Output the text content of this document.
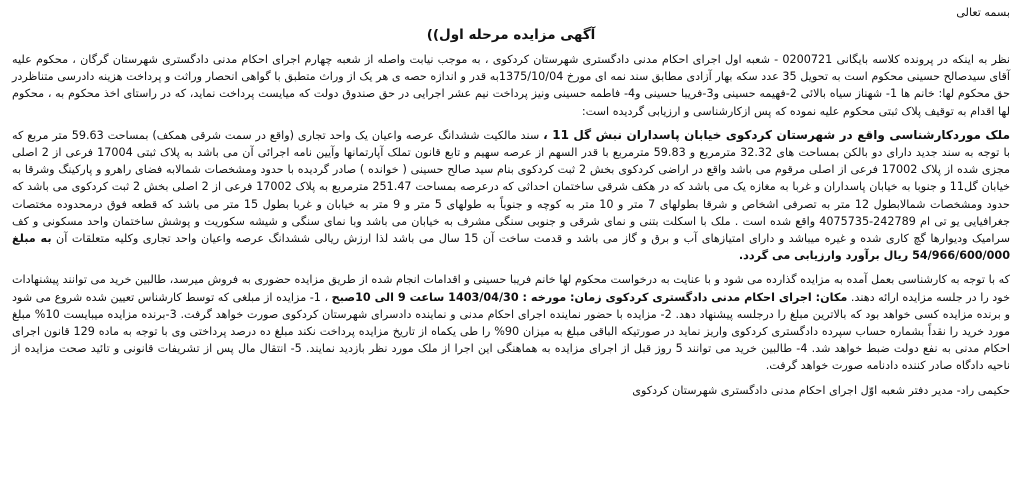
بسمه تعالی
آگهی مزایده مرحله اول))

نظر به اینکه در پرونده کلاسه بایگانی 0200721 - شعبه اول اجرای احکام مدنی دادگستری شهرستان کردکوی ، به موجب نیابت واصله از شعبه چهارم اجرای احکام مدنی دادگستری شهرستان گرگان ، محکوم علیه آقای سیدصالح حسینی محکوم است به تحویل 35 عدد سکه بهار آزادی مطابق سند نمه ای مورخ 1375/10/04به قدر و اندازه حصه ی هر یک از وراث متطبق با گواهی انحصار وراثت و پرداخت هزینه دادرسی متناظردر حق محکوم لها: خانم ها 1- شهناز سیاه بالائی 2-فهیمه حسینی و3-فریبا حسینی و4- فاطمه حسینی ونیز پرداخت نیم عشر اجرایی در حق صندوق دولت که میایست پرداخت نماید، که در راستای اخذ محکوم به ، محکوم لها اقدام به توقیف پلاک ثبتی محکوم علیه نموده که پس ازکارشناسی و ارزیابی گردیده است:

ملک موردکارشناسی واقع در شهرستان کردکوی خیابان پاسداران نبش گل 11 ، سند مالکیت ششدانگ عرصه واعیان یک واحد تجاری (واقع در سمت شرقی همکف) بمساحت 59.63 متر مربع که با توجه به سند جدید دارای دو بالکن بمساحت های 32.32 مترمربع و 59.83 مترمربع با قدر السهم از عرصه سهیم و تابع قانون تملک آپارتمانها وآیین نامه اجرائی آن می باشد به پلاک ثبتی 17004 فرعی از 2 اصلی مجزی شده از پلاک 17002 فرعی از اصلی مرقوم می باشد واقع در اراضی کردکوی بخش 2 ثبت کردکوی بنام سید صالح حسینی ( خوانده ) صادر گردیده با حدود ومشخصات شمالابه فضای راهرو و پارکینگ وشرقا به خیابان گل11 و جنوبا به خیابان پاسداران و غربا به مغازه یک می باشد که در هکف شرقی ساختمان احداثی که درعرصه بمساحت 251.47 مترمربع به پلاک 17002 فرعی از 2 اصلی بخش 2 ثبت کردکوی می باشد که حدود ومشخصات شمالابطول 12 متر به تصرفی اشخاص و شرقا بطولهای 7 متر و 10 متر به کوچه و جنوباً به طولهای 5 متر و 9 متر به خیابان و غربا بطول 15 متر می باشد که قطعه فوق درمحدوده مختصات جغرافیایی یو تی ام 242789-4075735 واقع شده است . ملک با اسکلت بتنی و نمای شرقی و جنوبی سنگی مشرف به خیابان می باشد وبا نمای سنگی و شیشه سکوریت و پوشش ساختمان واحد مسکونی و کف سرامیک ودیوارها گچ کاری شده و غیره میباشد و دارای امتیازهای آب و برق و گاز می باشد و قدمت ساخت آن 15 سال می باشد لذا ارزش ریالی ششدانگ عرصه واعیان واحد تجاری وکلیه متعلقات آن به مبلغ 54/966/600/000 ریال برآورد وارزیابی می گردد.

که با توجه به کارشناسی بعمل آمده به مزایده گذارده می شود و با عنایت به درخواست محکوم لها خانم فریبا حسینی و اقدامات انجام شده از طریق مزایده حضوری به فروش میرسد، طالبین خرید می توانند پیشنهادات خود را در جلسه مزایده ارائه دهند. مکان: اجرای احکام مدنی دادگستری کردکوی زمان: مورخه : 1403/04/30 ساعت 9 الی 10صبح ، 1- مزایده از مبلغی که توسط کارشناس تعیین شده شروع می شود و برنده مزایده کسی خواهد بود که بالاترین مبلغ را درجلسه پیشنهاد دهد. 2- مزایده با حضور نماینده اجرای احکام مدنی و نماینده دادسرای شهرستان کردکوی صورت خواهد گرفت. 3-برنده مزایده میبایست 10% مبلغ مورد خرید را نقداً بشماره حساب سپرده دادگستری کردکوی واریز نماید در صورتیکه الباقی مبلغ به میزان 90% را طی یکماه از تاریخ مزایده پرداخت نکند مبلغ ده درصد پرداختی وی با توجه به ماده 129 قانون اجرای احکام مدنی به نفع دولت ضبط خواهد شد. 4- طالبین خرید می توانند 5 روز قبل از اجرای مزایده به هماهنگی این اجرا از ملک مورد نظر بازدید نمایند. 5- انتقال مال پس از تشریفات قانونی و تائید صحت مزایده از ناحیه دادگاه صادر کننده دادنامه صورت خواهد گرفت.

حکیمی راد- مدیر دفتر شعبه اوّل اجرای احکام مدنی دادگستری شهرستان کردکوی
